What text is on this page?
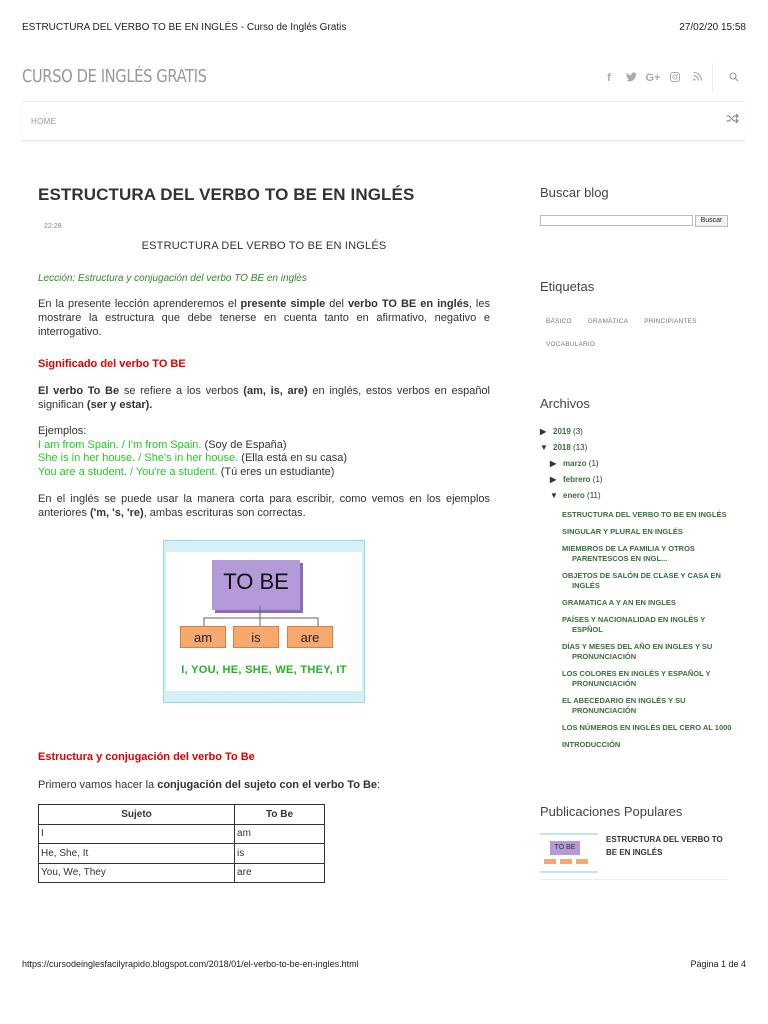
ESTRUCTURA DEL VERBO TO BE EN INGLÉS - Curso de Inglés Gratis	27/02/20 15:58
CURSO DE INGLÉS GRATIS	f	G+
HOME
ESTRUCTURA DEL VERBO TO BE EN INGLÉS
22:28
ESTRUCTURA DEL VERBO TO BE EN INGLÉS
Lección: Estructura y conjugación del verbo TO BE en inglès

En la presente lección aprenderemos el presente simple del verbo TO BE en inglés, les mostrare la estructura que debe tenerse en cuenta tanto en afirmativo, negativo e interrogativo.

Significado del verbo TO BE

El verbo To Be se refiere a los verbos (am, is, are) en inglés, estos verbos en español significan (ser y estar).

Ejemplos:
I am from Spain. / I'm from Spain. (Soy de España)
She is in her house. / She's in her house. (Ella está en su casa)
You are a student. / You're a student. (Tú eres un estudiante)

En el inglés se puede usar la manera corta para escribir, como vemos en los ejemplos anteriores ('m, 's, 're), ambas escrituras son correctas.

TO BE
am	is	are
I, YOU, HE, SHE, WE, THEY, IT
Estructura y conjugación del verbo To Be

Primero vamos hacer la conjugación del sujeto con el verbo To Be:

Sujeto	To Be
I	am
He, She, It	is
You, We, They	are
Buscar blog
Buscar
Etiquetas
BÁSICO GRAMÁTICA PRINCIPIANTES
VOCABULARIO
Archivos
▶ 2019 (3)
▼ 2018 (13)
▶ marzo (1)
▶ febrero (1)
▼ enero (11)
ESTRUCTURA DEL VERBO TO BE EN INGLÉS
SINGULAR Y PLURAL EN INGLÉS
MIEMBROS DE LA FAMILIA Y OTROS PARENTESCOS EN INGL...
OBJETOS DE SALÓN DE CLASE Y CASA EN INGLÉS
GRAMATICA A Y AN EN INGLES
PAÍSES Y NACIONALIDAD EN INGLÉS Y ESPÑOL
DÍAS Y MESES DEL AÑO EN INGLES Y SU PRONUNCIACIÓN
LOS COLORES EN INGLÉS Y ESPAÑOL Y PRONUNCIACIÓN
EL ABECEDARIO EN INGLÉS Y SU PRONUNCIACIÓN
LOS NÚMEROS EN INGLÉS DEL CERO AL 1000
INTRODUCCIÓN
Publicaciones Populares
TO BE
ESTRUCTURA DEL VERBO TO BE EN INGLÉS
https://cursodeinglesfacilyrapido.blogspot.com/2018/01/el-verbo-to-be-en-ingles.html	Página 1 de 4
